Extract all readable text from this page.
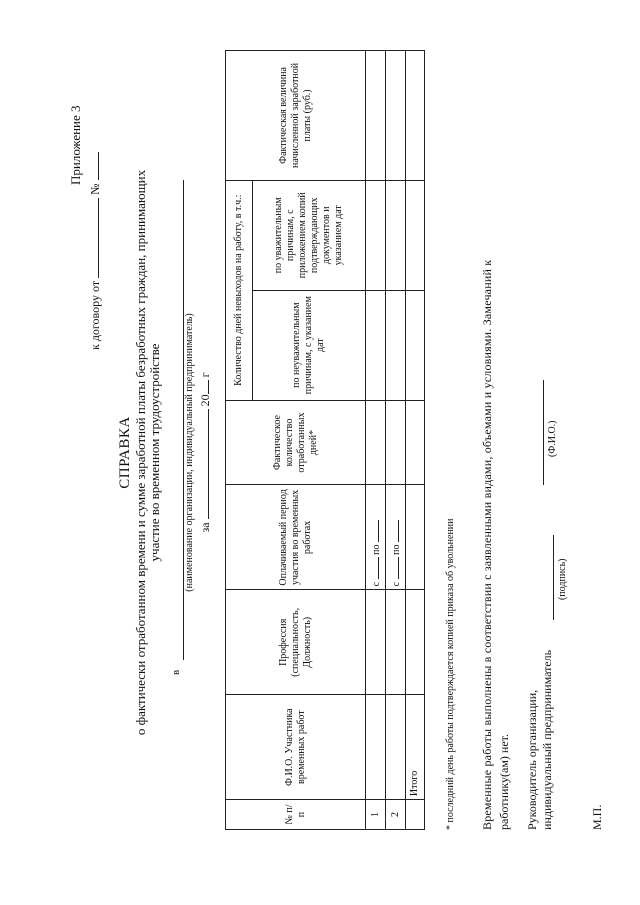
Приложение 3
к договору от  №
СПРАВКА о фактически отработанном времени и сумме заработной платы безработных граждан, принимающих участие во временном трудоустройстве
в
(наименование организации, индивидуальный предприниматель) за  20 г
№ п/п	Ф.И.О. Участника временных работ	Профессия (специальность, Должность)	Оплачиваемый период участия во временных работах	Фактическое количество отработанных дней*	Количество дней невыходов на работу, в т.ч.:		Фактическая величина начисленной заработной платы (руб.)
					по неуважительным причинам, с указанием дат	по уважительным причинам, с приложением копий подтверждающих документов и указанием дат	
1			с  по				
2			с  по				
	Итого							* последний день работы подтверждается копией приказа об увольнении Временные работы выполнены в соответствии с заявленными видами, объемами и условиями. Замечаний к работнику(ам) нет. Руководитель организации, индивидуальный предприниматель
(подпись)
(Ф.И.О.)
М.П.
